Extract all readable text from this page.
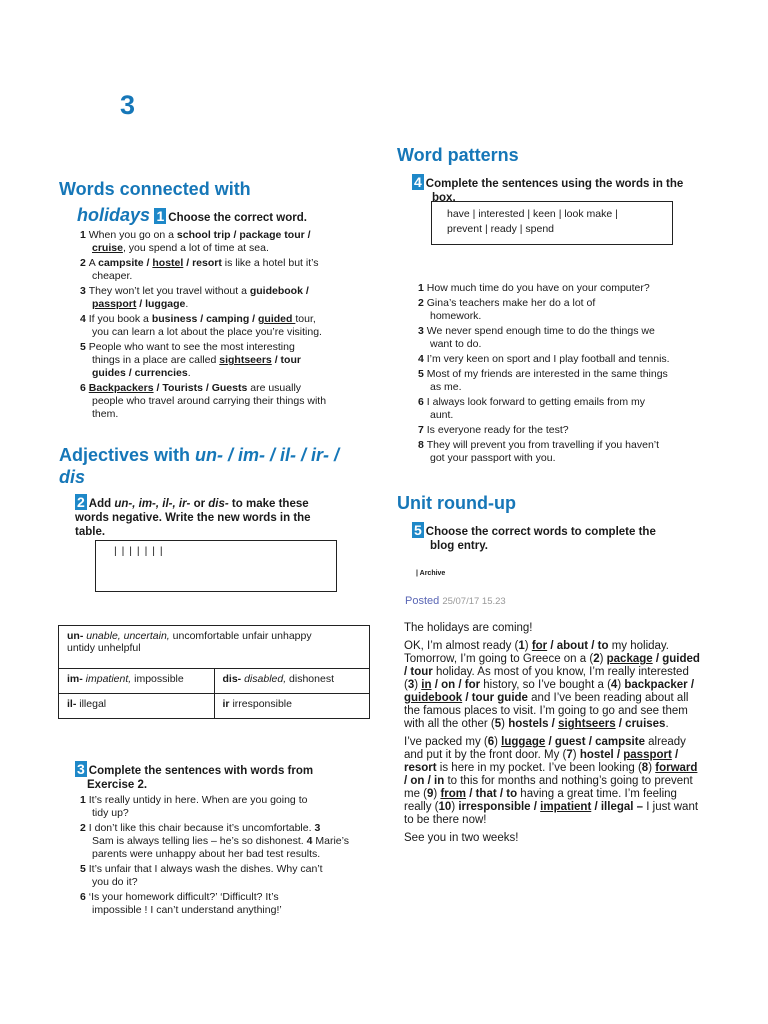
3
Words connected with
holidays 1 Choose the correct word.
1 When you go on a school trip / package tour /
cruise, you spend a lot of time at sea.
2 A campsite / hostel / resort is like a hotel but it’s
cheaper.
3 They won’t let you travel without a guidebook /
passport / luggage.
4 If you book a business / camping / guided tour,
you can learn a lot about the place you’re visiting.
5 People who want to see the most interesting
things in a place are called sightseers / tour
guides / currencies.
6 Backpackers / Tourists / Guests are usually
people who travel around carrying their things with
them.
Adjectives with un- / im- / il- / ir- /
dis
2 Add un-, im-, il-, ir- or dis- to make these
words negative. Write the new words in the
table.
| | | | | | |
un- unable, uncertain, uncomfortable unfair unhappy
untidy unhelpful	
im- impatient, impossible	dis- disabled, dishonest
il- illegal	ir irresponsible
3 Complete the sentences with words from
Exercise 2.
1 It’s really untidy in here. When are you going to
tidy up?
2 I don’t like this chair because it’s uncomfortable. 3
Sam is always telling lies – he’s so dishonest. 4 Marie’s
parents were unhappy about her bad test results.
5 It’s unfair that I always wash the dishes. Why can’t
you do it?
6 ‘Is your homework difficult?’ ‘Difficult? It’s
impossible ! I can’t understand anything!’
Word patterns
4 Complete the sentences using the words in the
box.
have | interested | keen | look make |
prevent | ready | spend
1 How much time do you have on your computer?
2 Gina’s teachers make her do a lot of
homework.
3 We never spend enough time to do the things we
want to do.
4 I’m very keen on sport and I play football and tennis.
5 Most of my friends are interested in the same things
as me.
6 I always look forward to getting emails from my
aunt.
7 Is everyone ready for the test?
8 They will prevent you from travelling if you haven’t
got your passport with you.
Unit round-up
5 Choose the correct words to complete the
blog entry.
| Archive
Posted 25/07/17 15.23

The holidays are coming!

OK, I’m almost ready (1) for / about / to my holiday. Tomorrow, I’m going to Greece on a (2) package / guided / tour holiday. As most of you know, I’m really interested (3) in / on / for history, so I’ve bought a (4) backpacker / guidebook / tour guide and I’ve been reading about all the famous places to visit. I’m going to go and see them with all the other (5) hostels / sightseers / cruises.

I’ve packed my (6) luggage / guest / campsite already and put it by the front door. My (7) hostel / passport / resort is here in my pocket. I’ve been looking (8) forward / on / in to this for months and nothing’s going to prevent me (9) from / that / to having a great time. I’m feeling really (10) irresponsible / impatient / illegal – I just want to be there now!

See you in two weeks!
